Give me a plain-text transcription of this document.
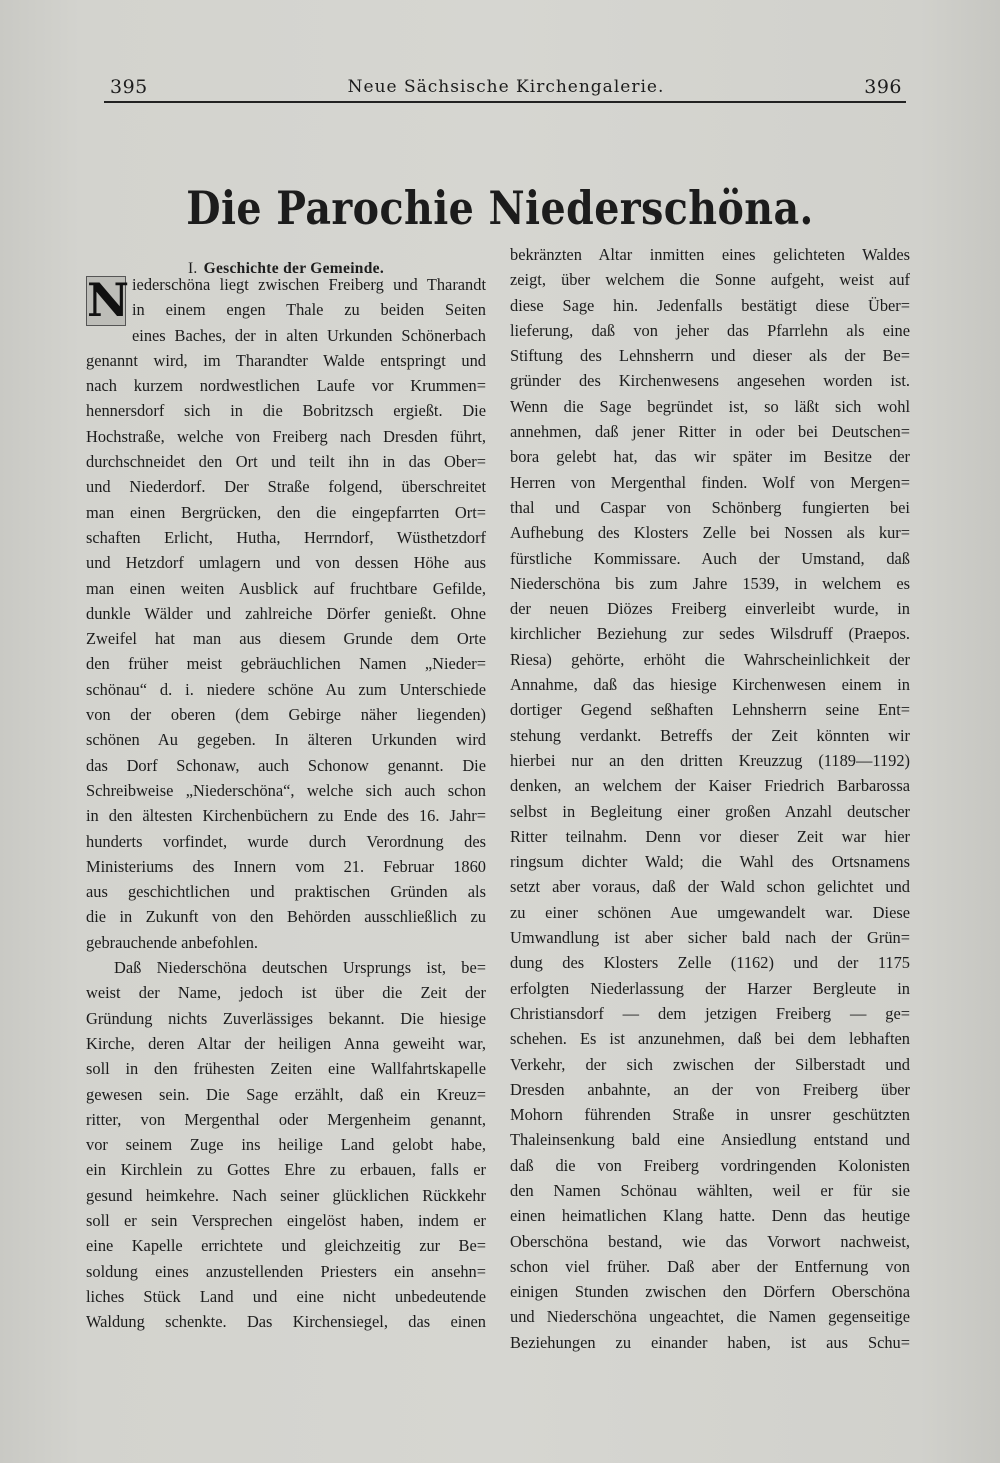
395	Neue Sächsische Kirchengalerie.	396
Die Parochie Niederschöna.
I. Geschichte der Gemeinde.
N iederschöna liegt zwischen Freiberg und Tharandt
in einem engen Thale zu beiden Seiten
eines Baches, der in alten Urkunden Schönerbach
genannt wird, im Tharandter Walde entspringt und
nach kurzem nordwestlichen Laufe vor Krummen=
hennersdorf sich in die Bobritzsch ergießt. Die
Hochstraße, welche von Freiberg nach Dresden führt,
durchschneidet den Ort und teilt ihn in das Ober=
und Niederdorf. Der Straße folgend, überschreitet
man einen Bergrücken, den die eingepfarrten Ort=
schaften Erlicht, Hutha, Herrndorf, Wüsthetzdorf
und Hetzdorf umlagern und von dessen Höhe aus
man einen weiten Ausblick auf fruchtbare Gefilde,
dunkle Wälder und zahlreiche Dörfer genießt. Ohne
Zweifel hat man aus diesem Grunde dem Orte
den früher meist gebräuchlichen Namen „Nieder=
schönau“ d. i. niedere schöne Au zum Unterschiede
von der oberen (dem Gebirge näher liegenden)
schönen Au gegeben. In älteren Urkunden wird
das Dorf Schonaw, auch Schonow genannt. Die
Schreibweise „Niederschöna“, welche sich auch schon
in den ältesten Kirchenbüchern zu Ende des 16. Jahr=
hunderts vorfindet, wurde durch Verordnung des
Ministeriums des Innern vom 21. Februar 1860
aus geschichtlichen und praktischen Gründen als
die in Zukunft von den Behörden ausschließlich zu
gebrauchende anbefohlen.
Daß Niederschöna deutschen Ursprungs ist, be=
weist der Name, jedoch ist über die Zeit der
Gründung nichts Zuverlässiges bekannt. Die hiesige
Kirche, deren Altar der heiligen Anna geweiht war,
soll in den frühesten Zeiten eine Wallfahrtskapelle
gewesen sein. Die Sage erzählt, daß ein Kreuz=
ritter, von Mergenthal oder Mergenheim genannt,
vor seinem Zuge ins heilige Land gelobt habe,
ein Kirchlein zu Gottes Ehre zu erbauen, falls er
gesund heimkehre. Nach seiner glücklichen Rückkehr
soll er sein Versprechen eingelöst haben, indem er
eine Kapelle errichtete und gleichzeitig zur Be=
soldung eines anzustellenden Priesters ein ansehn=
liches Stück Land und eine nicht unbedeutende
Waldung schenkte. Das Kirchensiegel, das einen
bekränzten Altar inmitten eines gelichteten Waldes
zeigt, über welchem die Sonne aufgeht, weist auf
diese Sage hin. Jedenfalls bestätigt diese Über=
lieferung, daß von jeher das Pfarrlehn als eine
Stiftung des Lehnsherrn und dieser als der Be=
gründer des Kirchenwesens angesehen worden ist.
Wenn die Sage begründet ist, so läßt sich wohl
annehmen, daß jener Ritter in oder bei Deutschen=
bora gelebt hat, das wir später im Besitze der
Herren von Mergenthal finden. Wolf von Mergen=
thal und Caspar von Schönberg fungierten bei
Aufhebung des Klosters Zelle bei Nossen als kur=
fürstliche Kommissare. Auch der Umstand, daß
Niederschöna bis zum Jahre 1539, in welchem es
der neuen Diözes Freiberg einverleibt wurde, in
kirchlicher Beziehung zur sedes Wilsdruff (Praepos.
Riesa) gehörte, erhöht die Wahrscheinlichkeit der
Annahme, daß das hiesige Kirchenwesen einem in
dortiger Gegend seßhaften Lehnsherrn seine Ent=
stehung verdankt. Betreffs der Zeit könnten wir
hierbei nur an den dritten Kreuzzug (1189—1192)
denken, an welchem der Kaiser Friedrich Barbarossa
selbst in Begleitung einer großen Anzahl deutscher
Ritter teilnahm. Denn vor dieser Zeit war hier
ringsum dichter Wald; die Wahl des Ortsnamens
setzt aber voraus, daß der Wald schon gelichtet und
zu einer schönen Aue umgewandelt war. Diese
Umwandlung ist aber sicher bald nach der Grün=
dung des Klosters Zelle (1162) und der 1175
erfolgten Niederlassung der Harzer Bergleute in
Christiansdorf — dem jetzigen Freiberg — ge=
schehen. Es ist anzunehmen, daß bei dem lebhaften
Verkehr, der sich zwischen der Silberstadt und
Dresden anbahnte, an der von Freiberg über
Mohorn führenden Straße in unsrer geschützten
Thaleinsenkung bald eine Ansiedlung entstand und
daß die von Freiberg vordringenden Kolonisten
den Namen Schönau wählten, weil er für sie
einen heimatlichen Klang hatte. Denn das heutige
Oberschöna bestand, wie das Vorwort nachweist,
schon viel früher. Daß aber der Entfernung von
einigen Stunden zwischen den Dörfern Oberschöna
und Niederschöna ungeachtet, die Namen gegenseitige
Beziehungen zu einander haben, ist aus Schu=
